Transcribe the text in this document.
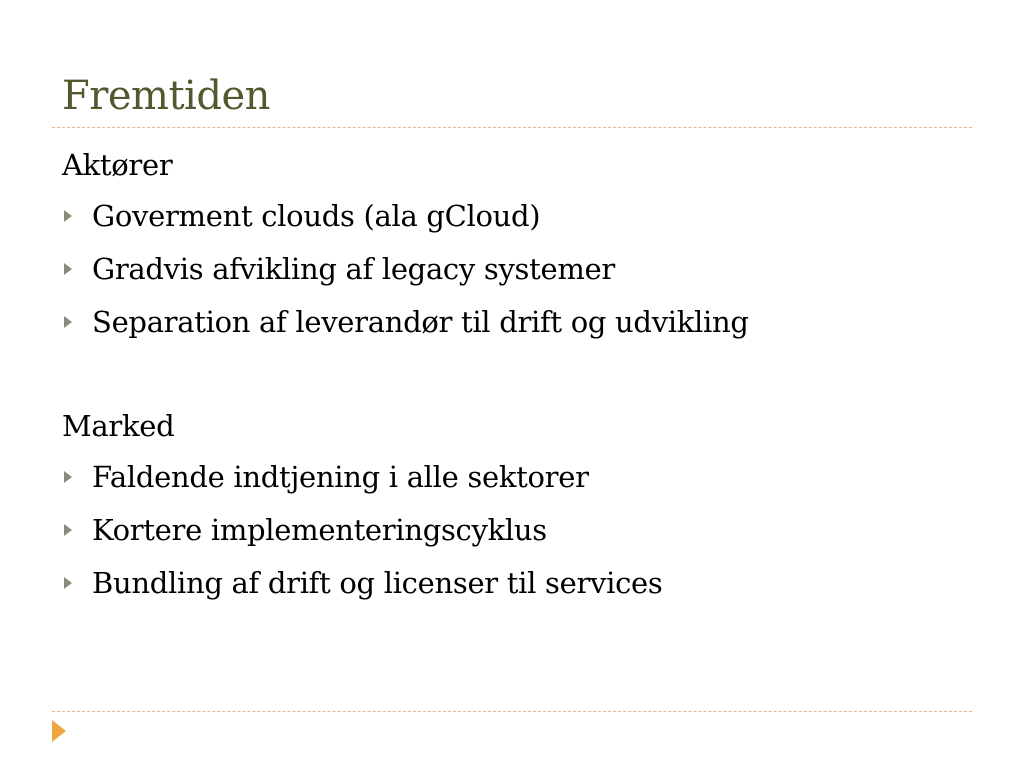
Fremtiden

Aktører

Goverment clouds (ala gCloud)
Gradvis afvikling af legacy systemer
Separation af leverandør til drift og udvikling

Marked

Faldende indtjening i alle sektorer
Kortere implementeringscyklus
Bundling af drift og licenser til services
